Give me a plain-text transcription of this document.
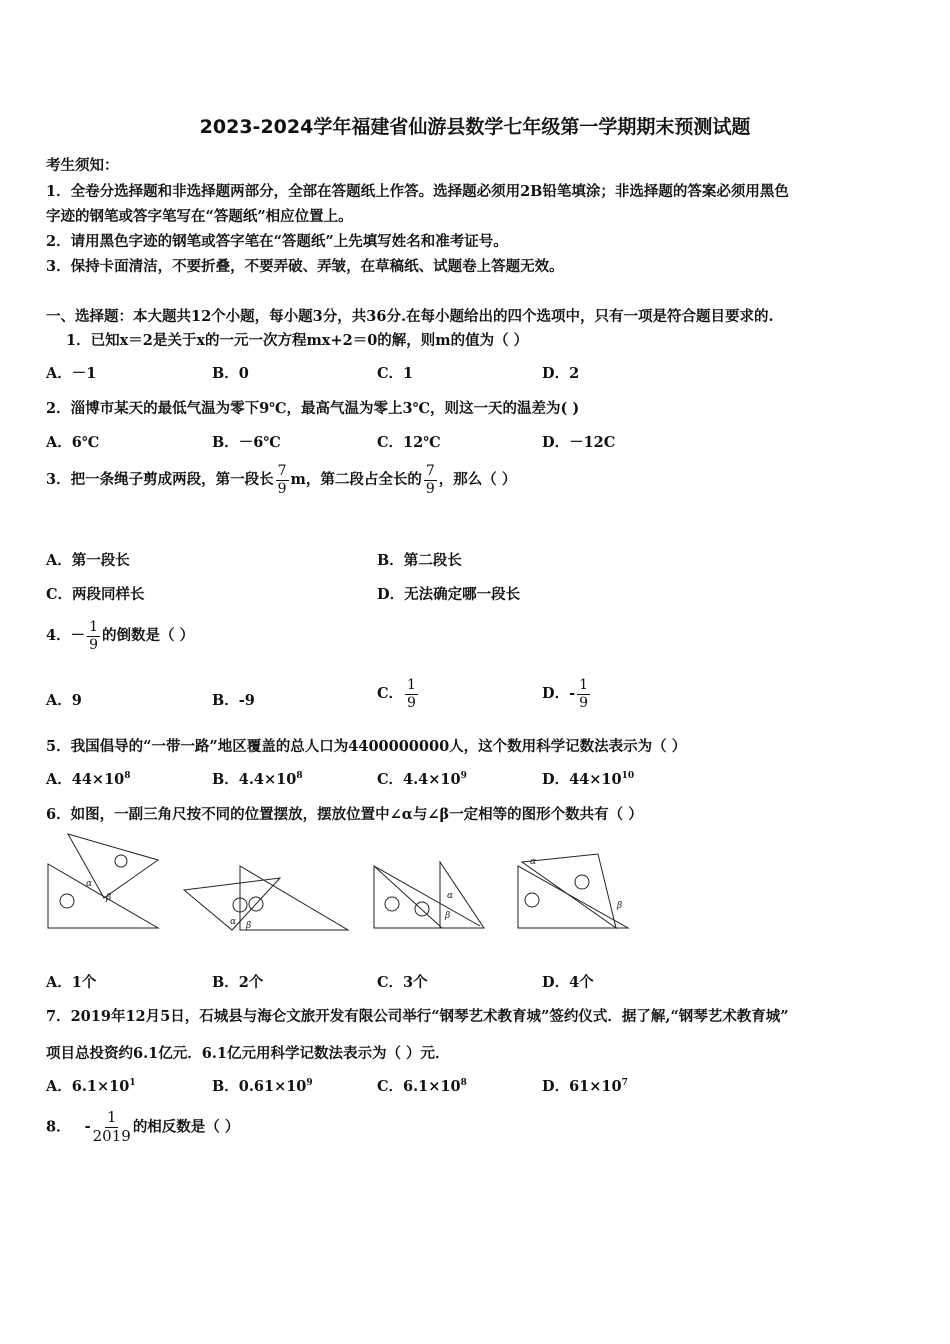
2023-2024学年福建省仙游县数学七年级第一学期期末预测试题
考生须知：
1．全卷分选择题和非选择题两部分，全部在答题纸上作答。选择题必须用2B铅笔填涂；非选择题的答案必须用黑色
字迹的钢笔或答字笔写在“答题纸”相应位置上。
2．请用黑色字迹的钢笔或答字笔在“答题纸”上先填写姓名和准考证号。
3．保持卡面清洁，不要折叠，不要弄破、弄皱，在草稿纸、试题卷上答题无效。
一、选择题：本大题共12个小题，每小题3分，共36分.在每小题给出的四个选项中，只有一项是符合题目要求的.
1．已知x＝2是关于x的一元一次方程mx+2＝0的解，则m的值为（ ）
A．－1	B．0	C．1	D．2
2．淄博市某天的最低气温为零下9℃，最高气温为零上3℃，则这一天的温差为( )
A．6℃	B．－6℃	C．12℃	D．－12C
3．把一条绳子剪成两段，第一段长 $\frac{7}{9}$ m，第二段占全长的 $\frac{7}{9}$ ，那么（ ）
A．第一段长	B．第二段长
C．两段同样长	D．无法确定哪一段长
4．－ $\frac{1}{9}$ 的倒数是（ ）
A．9	B．-9	C． $\frac{1}{9}$	D．- $\frac{1}{9}$
5．我国倡导的“一带一路”地区覆盖的总人口为4400000000人，这个数用科学记数法表示为（ ）
A．$44\times 10^8$	B．$4.4\times 10^8$	C．$4.4\times 10^9$	D．$44\times 10^{10}$
6．如图，一副三角尺按不同的位置摆放，摆放位置中∠α与∠β一定相等的图形个数共有（ ）
α
β
α β
α
β
α
β
A．1个	B．2个	C．3个	D．4个
7．2019年12月5日，石城县与海仑文旅开发有限公司举行“钢琴艺术教育城”签约仪式．据了解,“钢琴艺术教育城”
项目总投资约6.1亿元．6.1亿元用科学记数法表示为（ ）元．
A．$6.1\times 10^1$	B．$0.61\times 10^9$	C．$6.1\times 10^8$	D．$61\times 10^7$
8． - $\frac{1}{2019}$ 的相反数是（ ）
